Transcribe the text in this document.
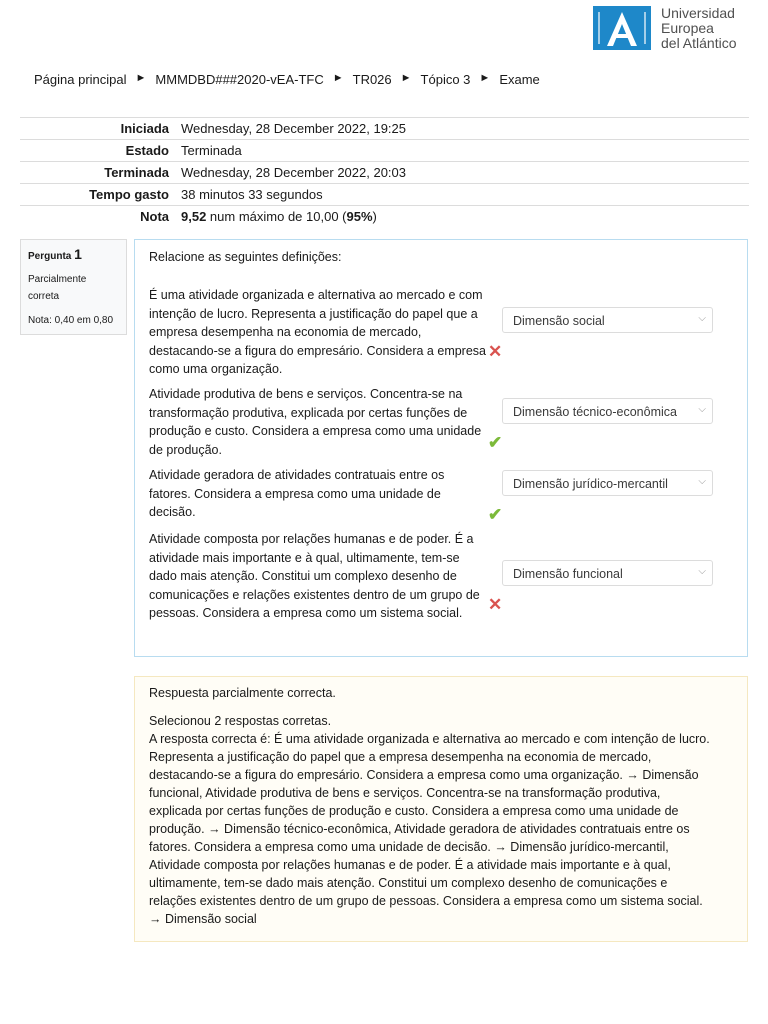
Universidad
Europea
del Atlántico
Página principal ► MMMDBD###2020-vEA-TFC ► TR026 ► Tópico 3 ► Exame
Iniciada	Wednesday, 28 December 2022, 19:25
Estado	Terminada
Terminada	Wednesday, 28 December 2022, 20:03
Tempo gasto	38 minutos 33 segundos
Nota	9,52 num máximo de 10,00 (95%)
Pergunta 1
Parcialmente correta
Nota: 0,40 em 0,80
Relacione as seguintes definições:
É uma atividade organizada e alternativa ao mercado e com intenção de lucro. Representa a justificação do papel que a empresa desempenha na economia de mercado, destacando-se a figura do empresário. Considera a empresa como uma organização.
Dimensão social	⌵
✕
Atividade produtiva de bens e serviços. Concentra-se na transformação produtiva, explicada por certas funções de produção e custo. Considera a empresa como uma unidade de produção.
Dimensão técnico-econômica ⌵
✔
Atividade geradora de atividades contratuais entre os fatores. Considera a empresa como uma unidade de decisão.
Dimensão jurídico-mercantil	⌵
✔
Atividade composta por relações humanas e de poder. É a atividade mais importante e à qual, ultimamente, tem-se dado mais atenção. Constitui um complexo desenho de comunicações e relações existentes dentro de um grupo de pessoas. Considera a empresa como um sistema social.
Dimensão funcional	⌵
✕
Respuesta parcialmente correcta.
Selecionou 2 respostas corretas.
A resposta correcta é: É uma atividade organizada e alternativa ao mercado e com intenção de lucro. Representa a justificação do papel que a empresa desempenha na economia de mercado, destacando-se a figura do empresário. Considera a empresa como uma organização. → Dimensão funcional, Atividade produtiva de bens e serviços. Concentra-se na transformação produtiva, explicada por certas funções de produção e custo. Considera a empresa como uma unidade de produção. → Dimensão técnico-econômica, Atividade geradora de atividades contratuais entre os fatores. Considera a empresa como uma unidade de decisão. → Dimensão jurídico-mercantil, Atividade composta por relações humanas e de poder. É a atividade mais importante e à qual, ultimamente, tem-se dado mais atenção. Constitui um complexo desenho de comunicações e relações existentes dentro de um grupo de pessoas. Considera a empresa como um sistema social. → Dimensão social
